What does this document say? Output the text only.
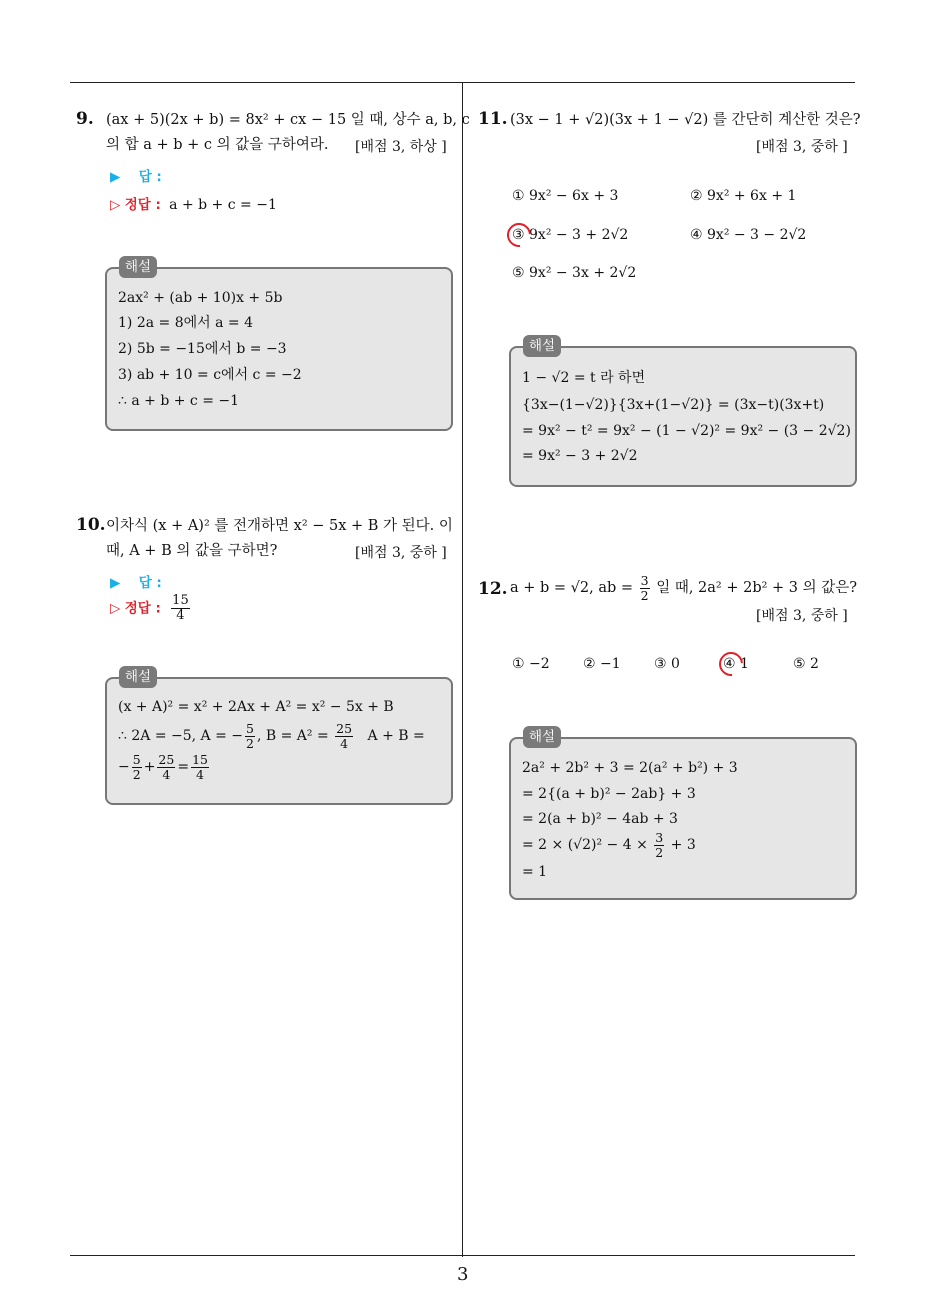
3
9. (ax + 5)(2x + b) = 8x² + cx − 15 일 때, 상수 a, b, c
의 합 a + b + c 의 값을 구하여라. [배점 3, 하상 ]
▶ 답 :
▷ 정답 : a + b + c = −1
해설
2ax² + (ab + 10)x + 5b
1) 2a = 8에서 a = 4
2) 5b = −15에서 b = −3
3) ab + 10 = c에서 c = −2
∴ a + b + c = −1
10. 이차식 (x + A)² 를 전개하면 x² − 5x + B 가 된다. 이
때, A + B 의 값을 구하면?	[배점 3, 중하 ]
▶ 답 :
▷ 정답 : $\frac{15}{4}$
해설
(x + A)² = x² + 2Ax + A² = x² − 5x + B
∴ 2A = −5, A = − $\frac{5}{2}$ , $B = A^2 = \frac{25}{4}$ A + B =
− $\frac{5}{2} + \frac{25}{4} = \frac{15}{4}$
11. (3x − 1 + √2)(3x + 1 − √2) 를 간단히 계산한 것은?
[배점 3, 중하 ]
① 9x² − 6x + 3	② 9x² + 6x + 1
③ 9x² − 3 + 2√2	④ 9x² − 3 − 2√2
⑤ 9x² − 3x + 2√2
해설
1 − √2 = t 라 하면
{3x−(1−√2)}{3x+(1−√2)} = (3x−t)(3x+t)
= 9x² − t² = 9x² − (1 − √2)² = 9x² − (3 − 2√2)
= 9x² − 3 + 2√2
12. a + b = √2, ab = $\frac{3}{2}$ 일 때, 2a² + 2b² + 3 의 값은?
[배점 3, 중하 ]
① −2 ② −1 ③ 0	④ 1	⑤ 2
해설
2a² + 2b² + 3 = 2(a² + b²) + 3
= 2{(a + b)² − 2ab} + 3
= 2(a + b)² − 4ab + 3
= $2 \times (√2)^2 - 4 \times \frac{3}{2} + 3$
= 1
